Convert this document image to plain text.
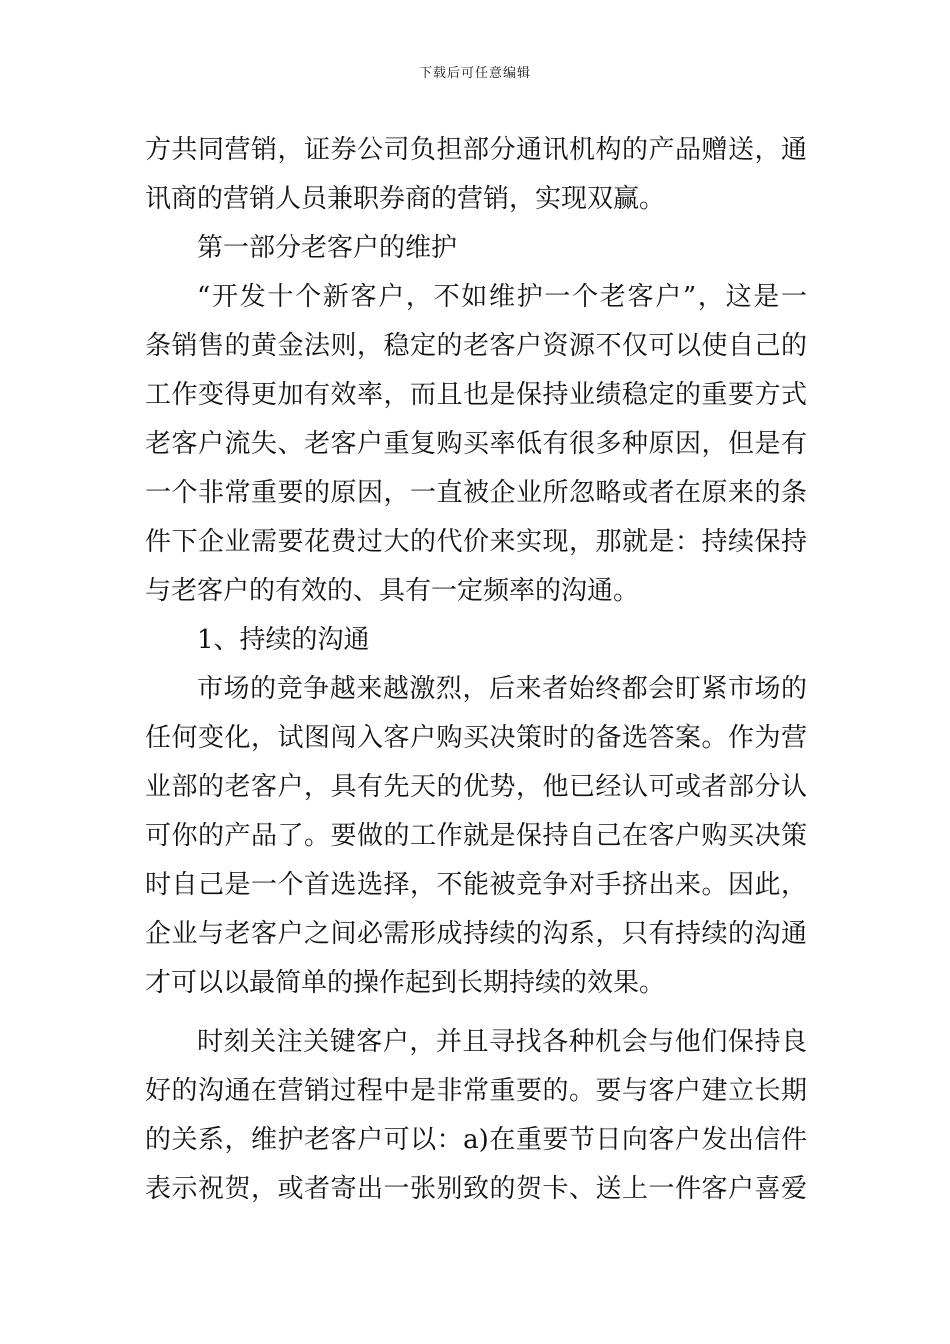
下载后可任意编辑
方共同营销，证券公司负担部分通讯机构的产品赠送，通
讯商的营销人员兼职券商的营销，实现双赢。
第一部分老客户的维护
“开发十个新客户，不如维护一个老客户”，这是一
条销售的黄金法则，稳定的老客户资源不仅可以使自己的
工作变得更加有效率，而且也是保持业绩稳定的重要方式
老客户流失、老客户重复购买率低有很多种原因，但是有
一个非常重要的原因，一直被企业所忽略或者在原来的条
件下企业需要花费过大的代价来实现，那就是：持续保持
与老客户的有效的、具有一定频率的沟通。
1、持续的沟通
市场的竞争越来越激烈，后来者始终都会盯紧市场的
任何变化，试图闯入客户购买决策时的备选答案。作为营
业部的老客户，具有先天的优势，他已经认可或者部分认
可你的产品了。要做的工作就是保持自己在客户购买决策
时自己是一个首选选择，不能被竞争对手挤出来。因此，
企业与老客户之间必需形成持续的沟系，只有持续的沟通
才可以以最简单的操作起到长期持续的效果。
时刻关注关键客户，并且寻找各种机会与他们保持良
好的沟通在营销过程中是非常重要的。要与客户建立长期
的关系，维护老客户可以：a)在重要节日向客户发出信件
表示祝贺，或者寄出一张别致的贺卡、送上一件客户喜爱
